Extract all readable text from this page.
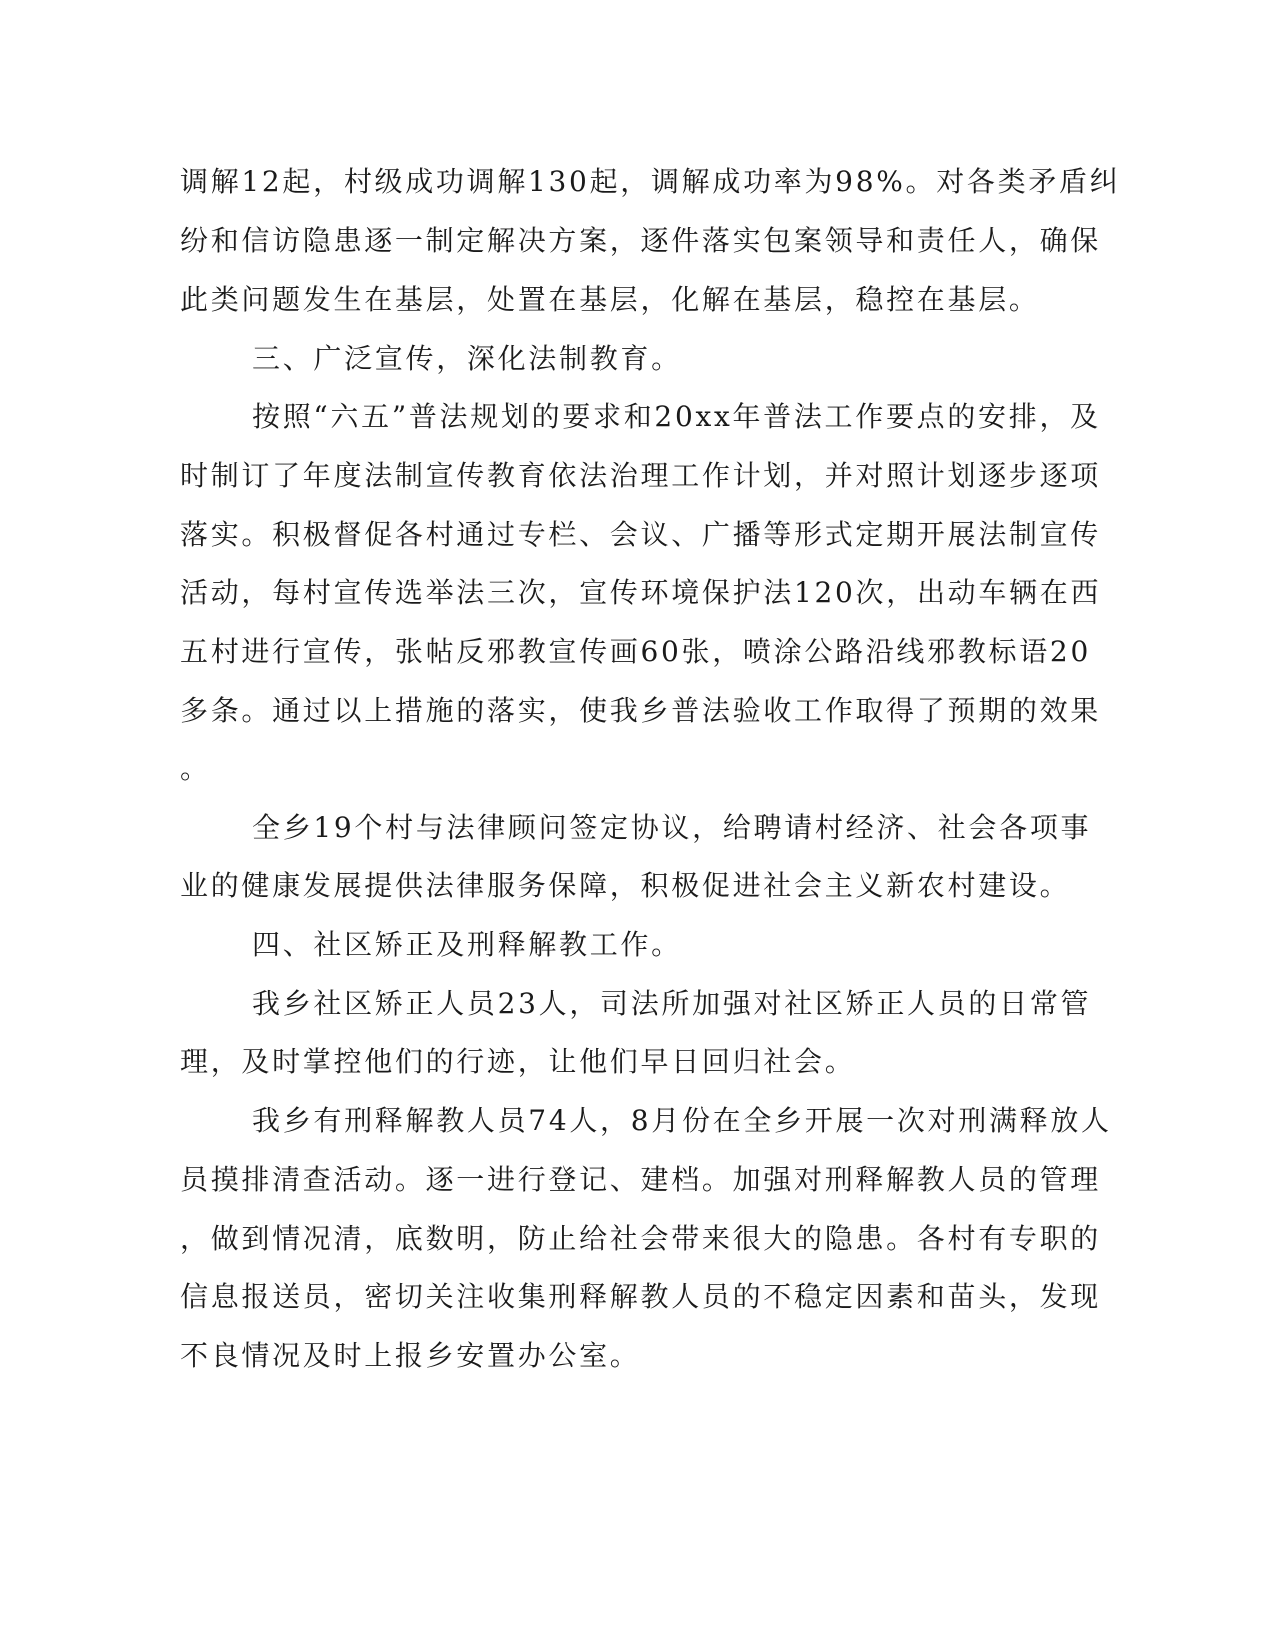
调解12起，村级成功调解130起，调解成功率为98%。对各类矛盾纠
纷和信访隐患逐一制定解决方案，逐件落实包案领导和责任人，确保
此类问题发生在基层，处置在基层，化解在基层，稳控在基层。
三、广泛宣传，深化法制教育。
按照“六五”普法规划的要求和20xx年普法工作要点的安排，及
时制订了年度法制宣传教育依法治理工作计划，并对照计划逐步逐项
落实。积极督促各村通过专栏、会议、广播等形式定期开展法制宣传
活动，每村宣传选举法三次，宣传环境保护法120次，出动车辆在西
五村进行宣传，张帖反邪教宣传画60张，喷涂公路沿线邪教标语20
多条。通过以上措施的落实，使我乡普法验收工作取得了预期的效果
。
全乡19个村与法律顾问签定协议，给聘请村经济、社会各项事
业的健康发展提供法律服务保障，积极促进社会主义新农村建设。
四、社区矫正及刑释解教工作。
我乡社区矫正人员23人，司法所加强对社区矫正人员的日常管
理，及时掌控他们的行迹，让他们早日回归社会。
我乡有刑释解教人员74人，8月份在全乡开展一次对刑满释放人
员摸排清查活动。逐一进行登记、建档。加强对刑释解教人员的管理
，做到情况清，底数明，防止给社会带来很大的隐患。各村有专职的
信息报送员，密切关注收集刑释解教人员的不稳定因素和苗头，发现
不良情况及时上报乡安置办公室。
